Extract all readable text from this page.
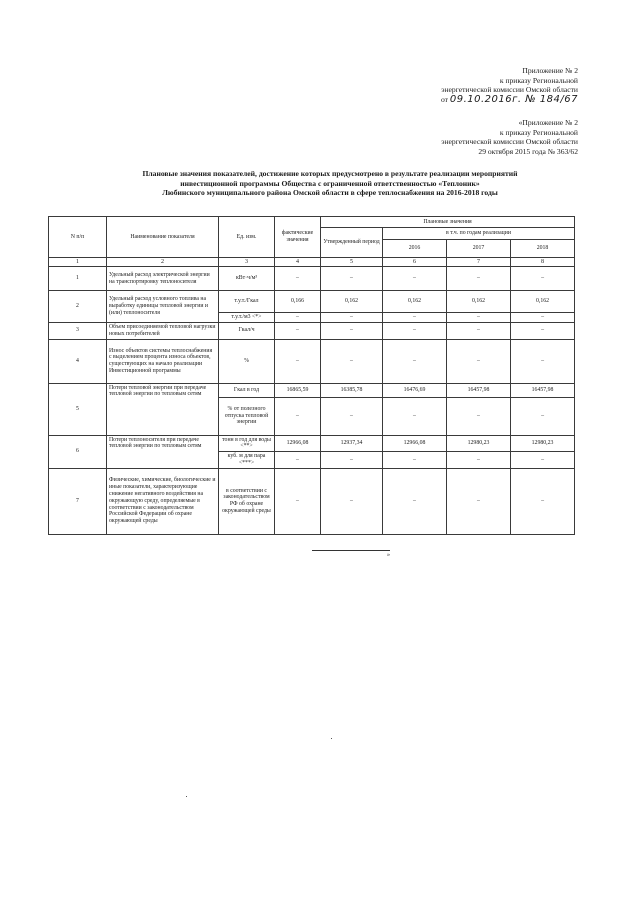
Приложение № 2
к приказу Региональной
энергетической комиссии Омской области
от 09.10.2016г. № 184/67
«Приложение № 2
к приказу Региональной
энергетической комиссии Омской области
29 октября 2015 года № 363/62
Плановые значения показателей, достижение которых предусмотрено в результате реализации мероприятий
инвестиционной программы Общества с ограниченной ответственностью «Теплоник»
Любинского муниципального района Омской области в сфере теплоснабжения на 2016-2018 годы
N п/п	Наименование показателя	Ед. изм.	фактические значения	Плановые значения			
				Утвержденный период	в т.ч. по годам реализации		
					2016	2017	2018
1	2	3	4	5	6	7	8
1	Удельный расход электрической энергии на транспортировку теплоносителя	кВт·ч/м³	–	–	–	–	–
2	Удельный расход условного топлива на выработку единицы тепловой энергии и (или) теплоносителя	т.у.т./Гкал	0,166	0,162	0,162	0,162	0,162
		т.у.т./м3 <*>	–	–	–	–	–
3	Объем присоединяемой тепловой нагрузки новых потребителей	Гкал/ч	–	–	–	–	–
4	Износ объектов системы теплоснабжения с выделением процента износа объектов, существующих на начало реализации Инвестиционной программы	%	–	–	–	–	–
5	Потери тепловой энергии при передаче тепловой энергии по тепловым сетям	Гкал в год	16865,59	16385,78	16476,69	16457,98	16457,98
		% от полезного отпуска тепловой энергии	–	–	–	–	–
6	Потери теплоносителя при передаче тепловой энергии по тепловым сетям	тонн в год для воды <**>	12966,08	12937,34	12966,08	12980,23	12980,23
		куб. м для пара <***>	–	–	–	–	–
7	Физические, химические, биологические и иные показатели, характеризующие снижение негативного воздействия на окружающую среду, определяемые в соответствии с законодательством Российской Федерации об охране окружающей среды	в соответствии с законодательством РФ об охране окружающей среды	–	–	–	–	–
»
